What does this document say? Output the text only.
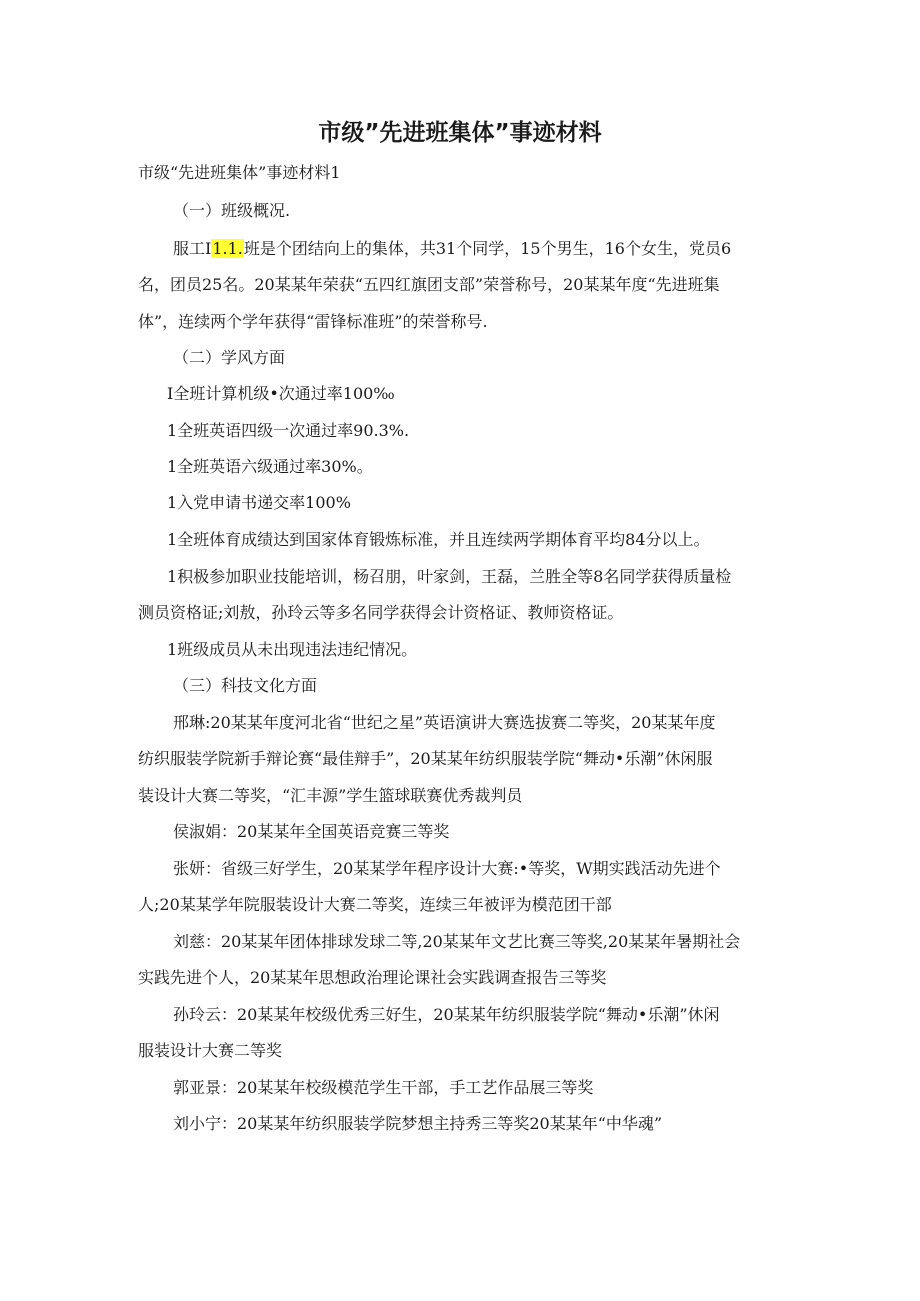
市级”先进班集体”事迹材料

市级“先进班集体”事迹材料1

（一）班级概况.

服工I1.1.班是个团结向上的集体，共31个同学，15个男生，16个女生，党员6

名，团员25名。20某某年荣获“五四红旗团支部”荣誉称号，20某某年度“先进班集

体”，连续两个学年获得“雷锋标准班”的荣誉称号.

（二）学风方面

I全班计算机级•次通过率100‰

1全班英语四级一次通过率90.3%.

1全班英语六级通过率30%。

1入党申请书递交率100%

1全班体育成绩达到国家体育锻炼标准，并且连续两学期体育平均84分以上。

1积极参加职业技能培训，杨召朋，叶家剑，王磊，兰胜全等8名同学获得质量检

测员资格证;刘敖，孙玲云等多名同学获得会计资格证、教师资格证。

1班级成员从未出现违法违纪情况。

（三）科技文化方面

邢琳:20某某年度河北省“世纪之星”英语演讲大赛选拔赛二等奖，20某某年度

纺织服装学院新手辩论赛“最佳辩手”，20某某年纺织服装学院“舞动•乐潮”休闲服

装设计大赛二等奖，“汇丰源”学生篮球联赛优秀裁判员

侯淑娟：20某某年全国英语竞赛三等奖

张妍：省级三好学生，20某某学年程序设计大赛:•等奖，W期实践活动先进个

人;20某某学年院服装设计大赛二等奖，连续三年被评为模范团干部

刘慈：20某某年团体排球发球二等,20某某年文艺比赛三等奖,20某某年暑期社会

实践先进个人，20某某年思想政治理论课社会实践调查报告三等奖

孙玲云：20某某年校级优秀三好生，20某某年纺织服装学院“舞动•乐潮”休闲

服装设计大赛二等奖

郭亚景：20某某年校级模范学生干部，手工艺作品展三等奖

刘小宁：20某某年纺织服装学院梦想主持秀三等奖20某某年“中华魂”
